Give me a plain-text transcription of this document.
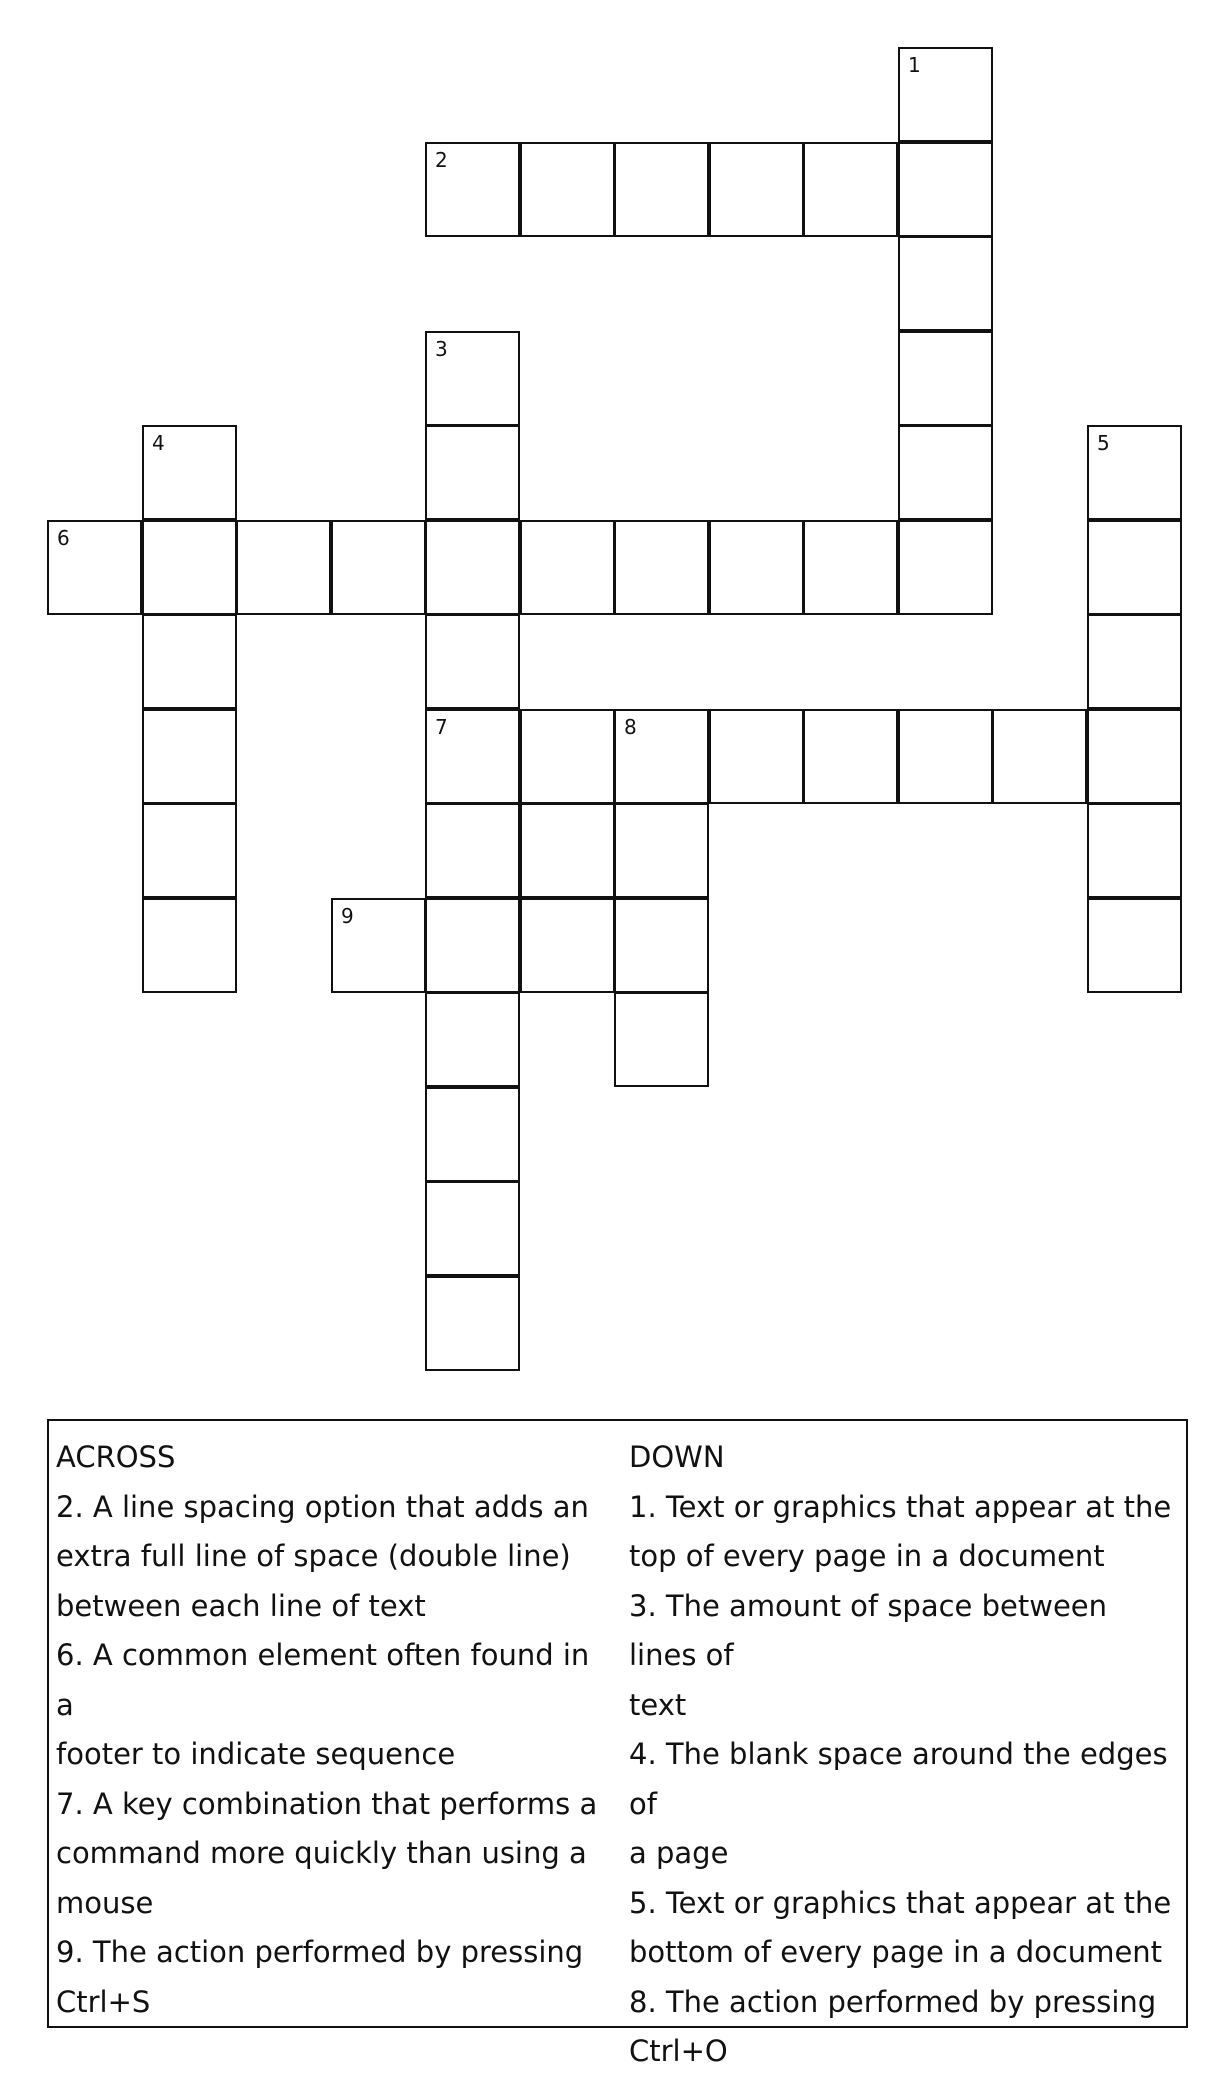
1
2
3
4	5
6
7	8
9
ACROSS
2. A line spacing option that adds an
extra full line of space (double line)
between each line of text
6. A common element often found in a
footer to indicate sequence
7. A key combination that performs a
command more quickly than using a
mouse
9. The action performed by pressing
Ctrl+S
DOWN
1. Text or graphics that appear at the
top of every page in a document
3. The amount of space between lines of
text
4. The blank space around the edges of
a page
5. Text or graphics that appear at the
bottom of every page in a document
8. The action performed by pressing
Ctrl+O
